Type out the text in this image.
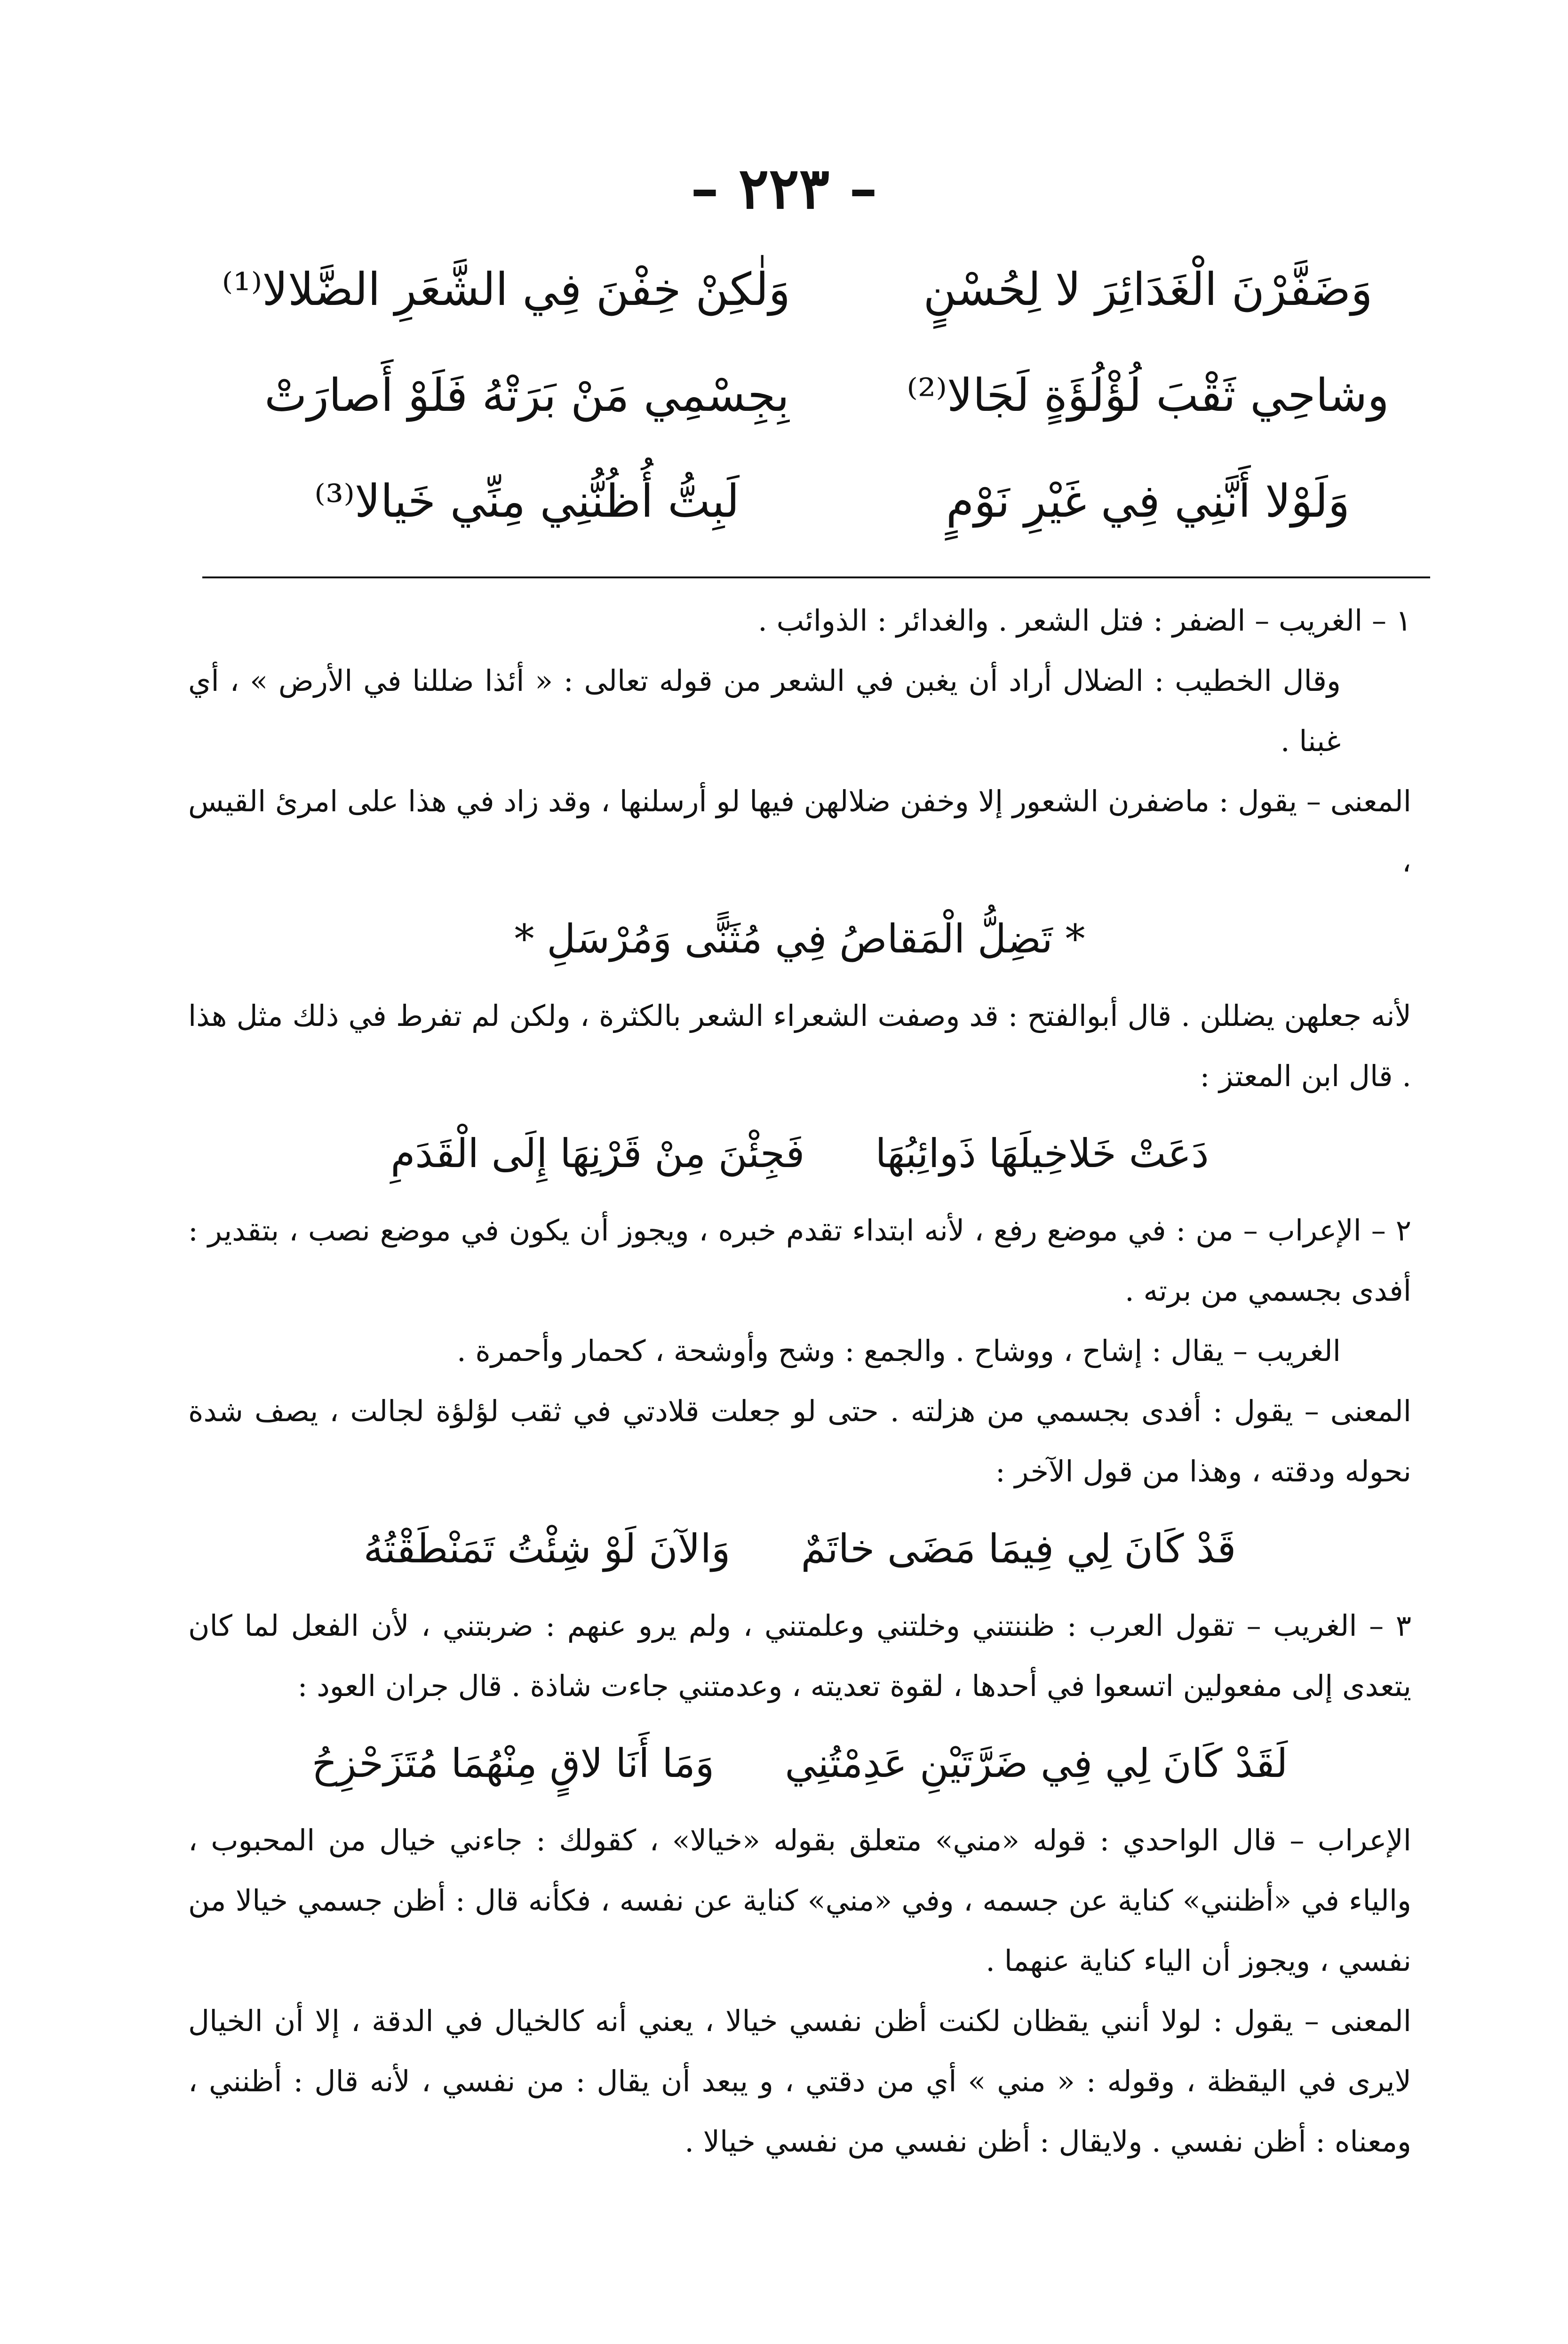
– ٢٢٣ –
وَضَفَّرْنَ الْغَدَائِرَ لا لِحُسْنٍ
وَلٰكِنْ خِفْنَ فِي الشَّعَرِ الضَّلالا⁽¹⁾
وشاحِي ثَقْبَ لُؤْلُؤَةٍ لَجَالا⁽²⁾
بِجِسْمِي مَنْ بَرَتْهُ فَلَوْ أَصارَتْ
وَلَوْلا أَنَّنِي فِي غَيْرِ نَوْمٍ
لَبِتُّ أُظُنُّنِي مِنِّي خَيالا⁽³⁾

١ – الغريب – الضفر : فتل الشعر . والغدائر : الذوائب .

وقال الخطيب : الضلال أراد أن يغبن في الشعر من قوله تعالى : « أئذا ضللنا في الأرض » ، أي غبنا .

المعنى – يقول : ماضفرن الشعور إلا وخفن ضلالهن فيها لو أرسلنها ، وقد زاد في هذا على امرئ القيس ،

* تَضِلُّ الْمَقاصُ فِي مُثَنًّى وَمُرْسَلِ *

لأنه جعلهن يضللن . قال أبوالفتح : قد وصفت الشعراء الشعر بالكثرة ، ولكن لم تفرط في ذلك مثل هذا . قال ابن المعتز :

دَعَتْ خَلاخِيلَهَا ذَوائِبُهَا
فَجِئْنَ مِنْ قَرْنِهَا إِلَى الْقَدَمِ

٢ – الإعراب – من : في موضع رفع ، لأنه ابتداء تقدم خبره ، ويجوز أن يكون في موضع نصب ، بتقدير : أفدى بجسمي من برته .

الغريب – يقال : إشاح ، ووشاح . والجمع : وشح وأوشحة ، كحمار وأحمرة .

المعنى – يقول : أفدى بجسمي من هزلته . حتى لو جعلت قلادتي في ثقب لؤلؤة لجالت ، يصف شدة نحوله ودقته ، وهذا من قول الآخر :

قَدْ كَانَ لِي فِيمَا مَضَى خاتَمٌ
وَالآنَ لَوْ شِئْتُ تَمَنْطَقْتُهُ

٣ – الغريب – تقول العرب : ظننتني وخلتني وعلمتني ، ولم يرو عنهم : ضربتني ، لأن الفعل لما كان يتعدى إلى مفعولين اتسعوا في أحدها ، لقوة تعديته ، وعدمتني جاءت شاذة . قال جران العود :

لَقَدْ كَانَ لِي فِي ضَرَّتَيْنِ عَدِمْتُنِي
وَمَا أَنَا لاقٍ مِنْهُمَا مُتَزَحْزِحُ

الإعراب – قال الواحدي : قوله «مني» متعلق بقوله «خيالا» ، كقولك : جاءني خيال من المحبوب ، والياء في «أظنني» كناية عن جسمه ، وفي «مني» كناية عن نفسه ، فكأنه قال : أظن جسمي خيالا من نفسي ، ويجوز أن الياء كناية عنهما .

المعنى – يقول : لولا أنني يقظان لكنت أظن نفسي خيالا ، يعني أنه كالخيال في الدقة ، إلا أن الخيال لايرى في اليقظة ، وقوله : « مني » أي من دقتي ، و يبعد أن يقال : من نفسي ، لأنه قال : أظنني ، ومعناه : أظن نفسي . ولايقال : أظن نفسي من نفسي خيالا .
